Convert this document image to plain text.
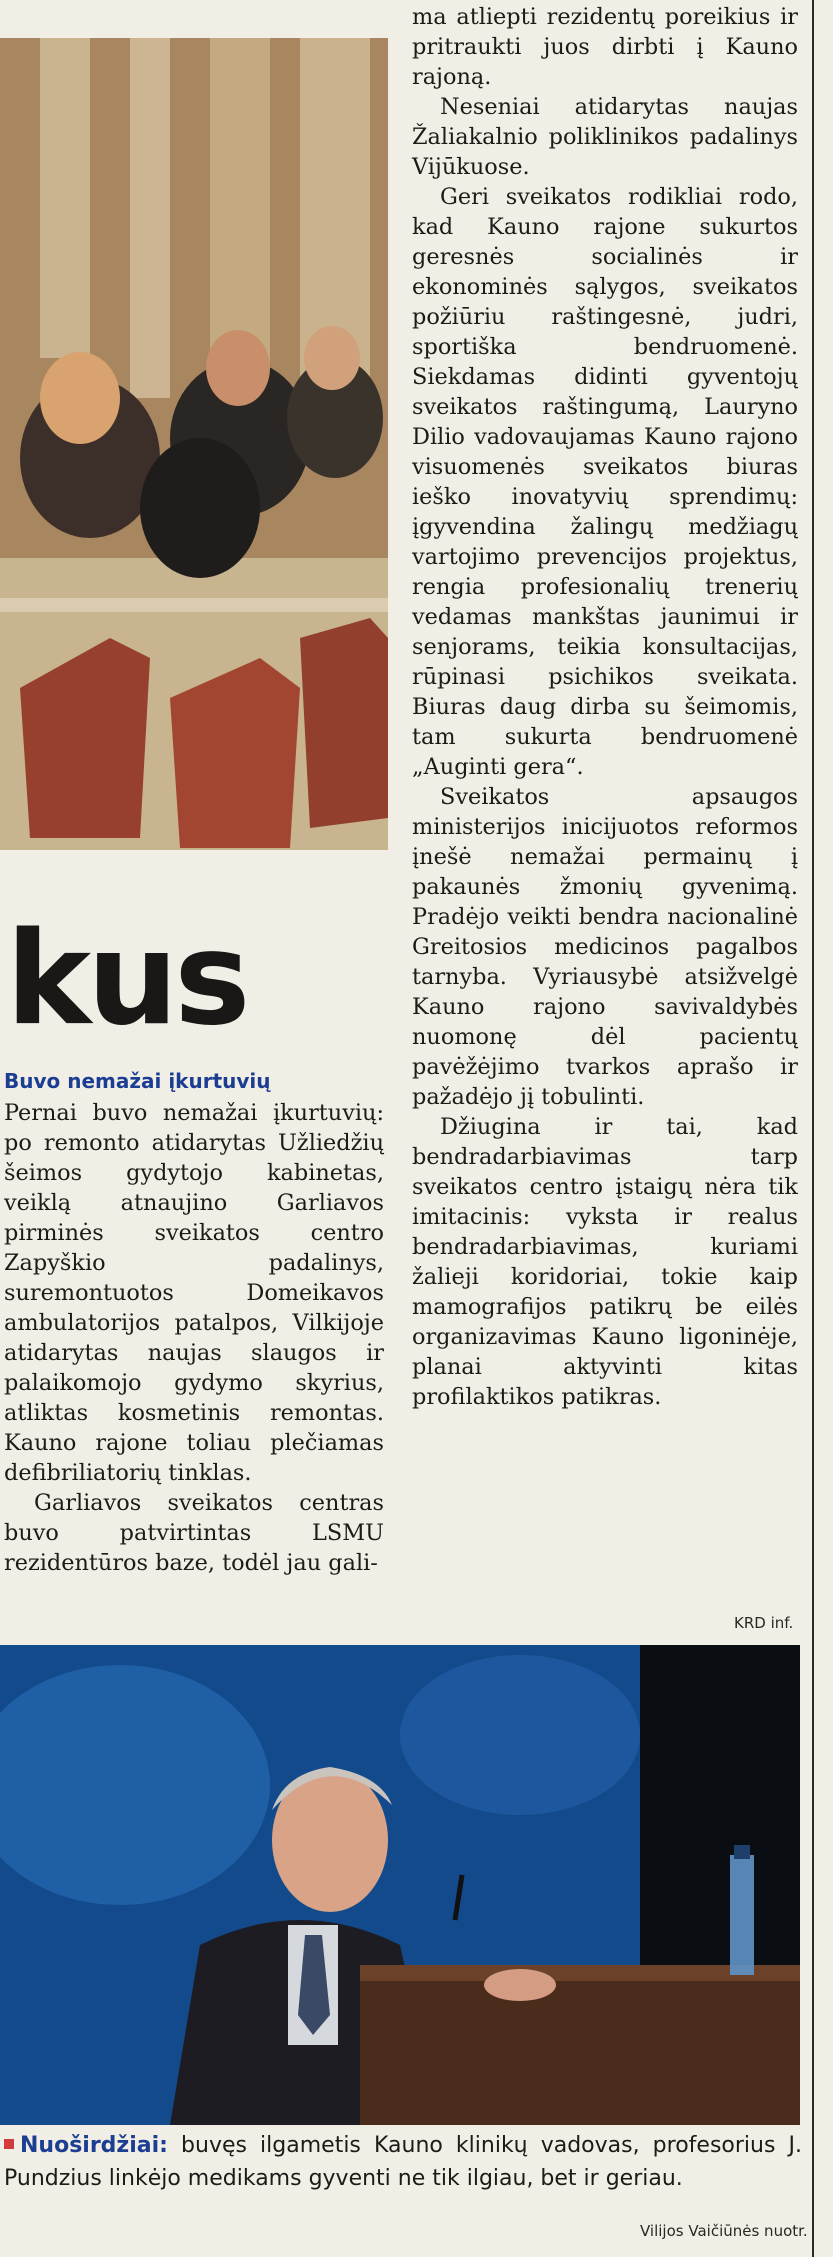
kus
Buvo nemažai įkurtuvių

Pernai buvo nemažai įkurtuvių: po remonto atidarytas Užliedžių šeimos gydytojo kabinetas, veiklą atnaujino Garliavos pirminės sveikatos centro Zapyškio padalinys, suremontuotos Domeikavos ambulatorijos patalpos, Vilkijoje atidarytas naujas slaugos ir palaikomojo gydymo skyrius, atliktas kosmetinis remontas. Kauno rajone toliau plečiamas defibriliatorių tinklas.

Garliavos sveikatos centras buvo patvirtintas LSMU rezidentūros baze, todėl jau gali-

ma atliepti rezidentų poreikius ir pritraukti juos dirbti į Kauno rajoną.

Neseniai atidarytas naujas Žaliakalnio poliklinikos padalinys Vijūkuose.

Geri sveikatos rodikliai rodo, kad Kauno rajone sukurtos geresnės socialinės ir ekonominės sąlygos, sveikatos požiūriu raštingesnė, judri, sportiška bendruomenė. Siekdamas didinti gyventojų sveikatos raštingumą, Lauryno Dilio vadovaujamas Kauno rajono visuomenės sveikatos biuras ieško inovatyvių sprendimų: įgyvendina žalingų medžiagų vartojimo prevencijos projektus, rengia profesionalių trenerių vedamas mankštas jaunimui ir senjorams, teikia konsultacijas, rūpinasi psichikos sveikata. Biuras daug dirba su šeimomis, tam sukurta bendruomenė „Auginti gera“.

Sveikatos apsaugos ministerijos inicijuotos reformos įnešė nemažai permainų į pakaunės žmonių gyvenimą. Pradėjo veikti bendra nacionalinė Greitosios medicinos pagalbos tarnyba. Vyriausybė atsižvelgė Kauno rajono savivaldybės nuomonę dėl pacientų pavėžėjimo tvarkos aprašo ir pažadėjo jį tobulinti.

Džiugina ir tai, kad bendradarbiavimas tarp sveikatos centro įstaigų nėra tik imitacinis: vyksta ir realus bendradarbiavimas, kuriami žalieji koridoriai, tokie kaip mamografijos patikrų be eilės organizavimas Kauno ligoninėje, planai aktyvinti kitas profilaktikos patikras.

KRD inf.
Nuoširdžiai: buvęs ilgametis Kauno klinikų vadovas, profesorius J. Pundzius linkėjo medikams gyventi ne tik ilgiau, bet ir geriau.
Vilijos Vaičiūnės nuotr.
